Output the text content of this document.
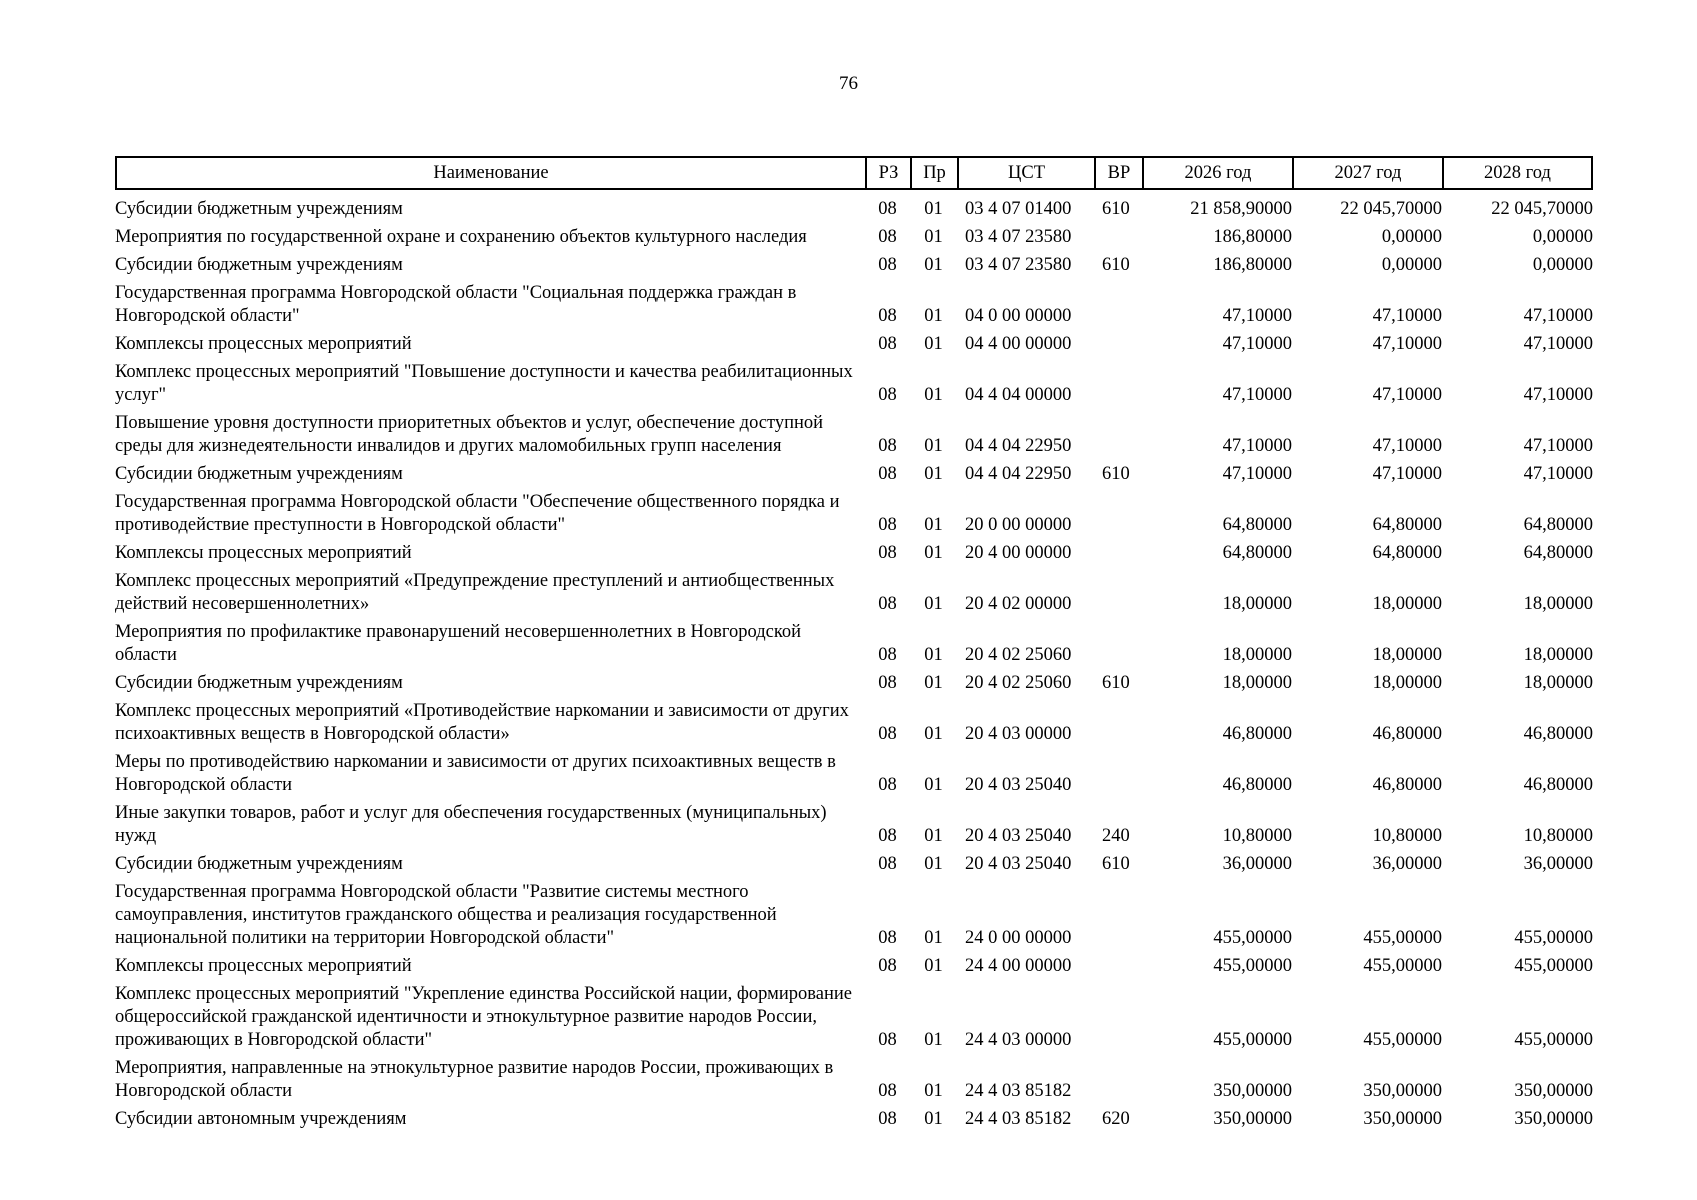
76
Наименование	РЗ	Пр	ЦСТ	ВР	2026 год	2027 год	2028 год
Субсидии бюджетным учреждениям	08	01	03 4 07 01400	610	21 858,90000	22 045,70000	22 045,70000
Мероприятия по государственной охране и сохранению объектов культурного наследия	08	01	03 4 07 23580		186,80000	0,00000	0,00000
Субсидии бюджетным учреждениям	08	01	03 4 07 23580	610	186,80000	0,00000	0,00000
Государственная программа Новгородской области "Социальная поддержка граждан в Новгородской области"	08	01	04 0 00 00000		47,10000	47,10000	47,10000
Комплексы процессных мероприятий	08	01	04 4 00 00000		47,10000	47,10000	47,10000
Комплекс процессных мероприятий "Повышение доступности и качества реабилитационных услуг"	08	01	04 4 04 00000		47,10000	47,10000	47,10000
Повышение уровня доступности приоритетных объектов и услуг, обеспечение доступной среды для жизнедеятельности инвалидов и других маломобильных групп населения	08	01	04 4 04 22950		47,10000	47,10000	47,10000
Субсидии бюджетным учреждениям	08	01	04 4 04 22950	610	47,10000	47,10000	47,10000
Государственная программа Новгородской области "Обеспечение общественного порядка и противодействие преступности в Новгородской области"	08	01	20 0 00 00000		64,80000	64,80000	64,80000
Комплексы процессных мероприятий	08	01	20 4 00 00000		64,80000	64,80000	64,80000
Комплекс процессных мероприятий «Предупреждение преступлений и антиобщественных действий несовершеннолетних»	08	01	20 4 02 00000		18,00000	18,00000	18,00000
Мероприятия по профилактике правонарушений несовершеннолетних в Новгородской области	08	01	20 4 02 25060		18,00000	18,00000	18,00000
Субсидии бюджетным учреждениям	08	01	20 4 02 25060	610	18,00000	18,00000	18,00000
Комплекс процессных мероприятий «Противодействие наркомании и зависимости от других психоактивных веществ в Новгородской области»	08	01	20 4 03 00000		46,80000	46,80000	46,80000
Меры по противодействию наркомании и зависимости от других психоактивных веществ в Новгородской области	08	01	20 4 03 25040		46,80000	46,80000	46,80000
Иные закупки товаров, работ и услуг для обеспечения государственных (муниципальных) нужд	08	01	20 4 03 25040	240	10,80000	10,80000	10,80000
Субсидии бюджетным учреждениям	08	01	20 4 03 25040	610	36,00000	36,00000	36,00000
Государственная программа Новгородской области "Развитие системы местного самоуправления, институтов гражданского общества и реализация государственной национальной политики на территории Новгородской области"	08	01	24 0 00 00000		455,00000	455,00000	455,00000
Комплексы процессных мероприятий	08	01	24 4 00 00000		455,00000	455,00000	455,00000
Комплекс процессных мероприятий "Укрепление единства Российской нации, формирование общероссийской гражданской идентичности и этнокультурное развитие народов России, проживающих в Новгородской области"	08	01	24 4 03 00000		455,00000	455,00000	455,00000
Мероприятия, направленные на этнокультурное развитие народов России, проживающих в Новгородской области	08	01	24 4 03 85182		350,00000	350,00000	350,00000
Субсидии автономным учреждениям	08	01	24 4 03 85182	620	350,00000	350,00000	350,00000
